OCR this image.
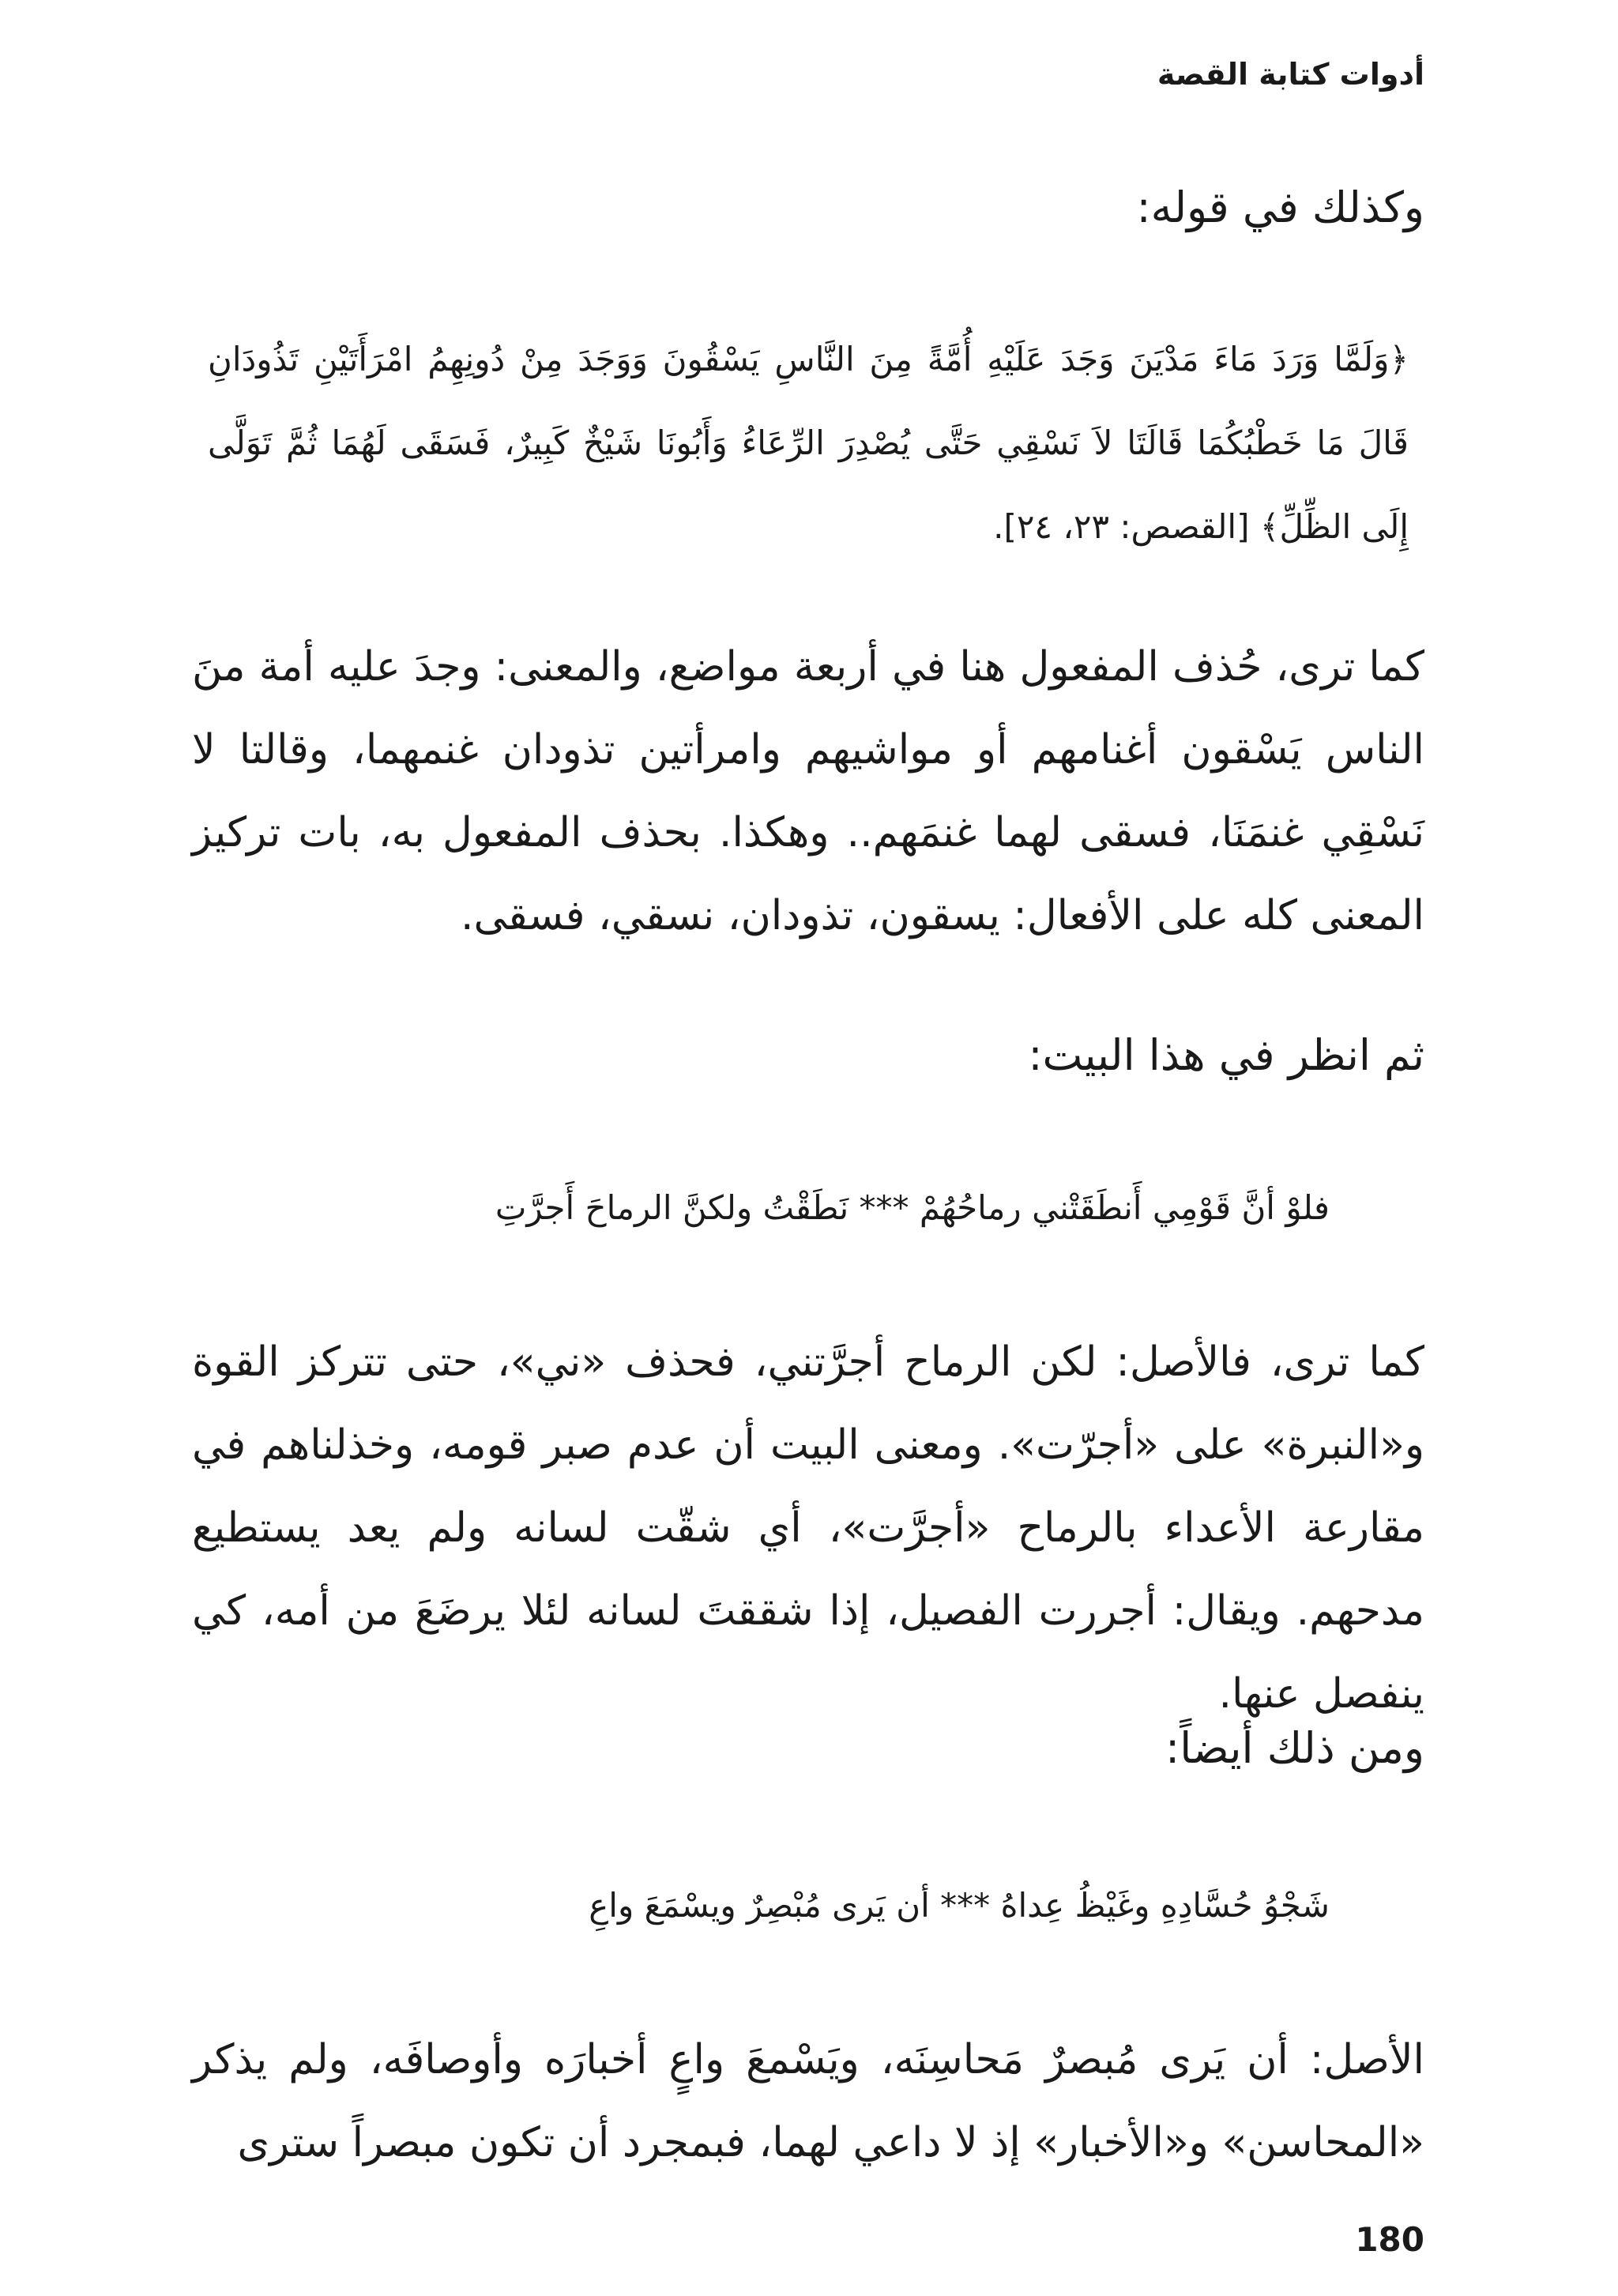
أدوات كتابة القصة
وكذلك في قوله:
﴿وَلَمَّا وَرَدَ مَاءَ مَدْيَنَ وَجَدَ عَلَيْهِ أُمَّةً مِنَ النَّاسِ يَسْقُونَ وَوَجَدَ مِنْ دُونِهِمُ امْرَأَتَيْنِ تَذُودَانِ قَالَ مَا خَطْبُكُمَا قَالَتَا لاَ نَسْقِي حَتَّى يُصْدِرَ الرِّعَاءُ وَأَبُونَا شَيْخٌ كَبِيرٌ، فَسَقَى لَهُمَا ثُمَّ تَوَلَّى إِلَى الظِّلِّ﴾ [القصص: ٢٣، ٢٤].
كما ترى، حُذف المفعول هنا في أربعة مواضع، والمعنى: وجدَ عليه أمة منَ الناس يَسْقون أغنامهم أو مواشيهم وامرأتين تذودان غنمهما، وقالتا لا نَسْقِي غنمَنَا، فسقى لهما غنمَهم.. وهكذا. بحذف المفعول به، بات تركيز المعنى كله على الأفعال: يسقون، تذودان، نسقي، فسقى.
ثم انظر في هذا البيت:
فلوْ أنَّ قَوْمِي أَنطَقَتْني رماحُهُمْ *** نَطَقْتُ ولكنَّ الرماحَ أَجرَّتِ
كما ترى، فالأصل: لكن الرماح أجرَّتني، فحذف «ني»، حتى تتركز القوة و«النبرة» على «أجرّت». ومعنى البيت أن عدم صبر قومه، وخذلناهم في مقارعة الأعداء بالرماح «أجرَّت»، أي شقّت لسانه ولم يعد يستطيع مدحهم. ويقال: أجررت الفصيل، إذا شققتَ لسانه لئلا يرضَعَ من أمه، كي ينفصل عنها.
ومن ذلك أيضاً:
شَجْوُ حُسَّادِهِ وغَيْظُ عِداهُ *** أن يَرى مُبْصِرٌ ويسْمَعَ واعِ
الأصل: أن يَرى مُبصرٌ مَحاسِنَه، ويَسْمعَ واعٍ أخبارَه وأوصافَه، ولم يذكر «المحاسن» و«الأخبار» إذ لا داعي لهما، فبمجرد أن تكون مبصراً سترى
180
